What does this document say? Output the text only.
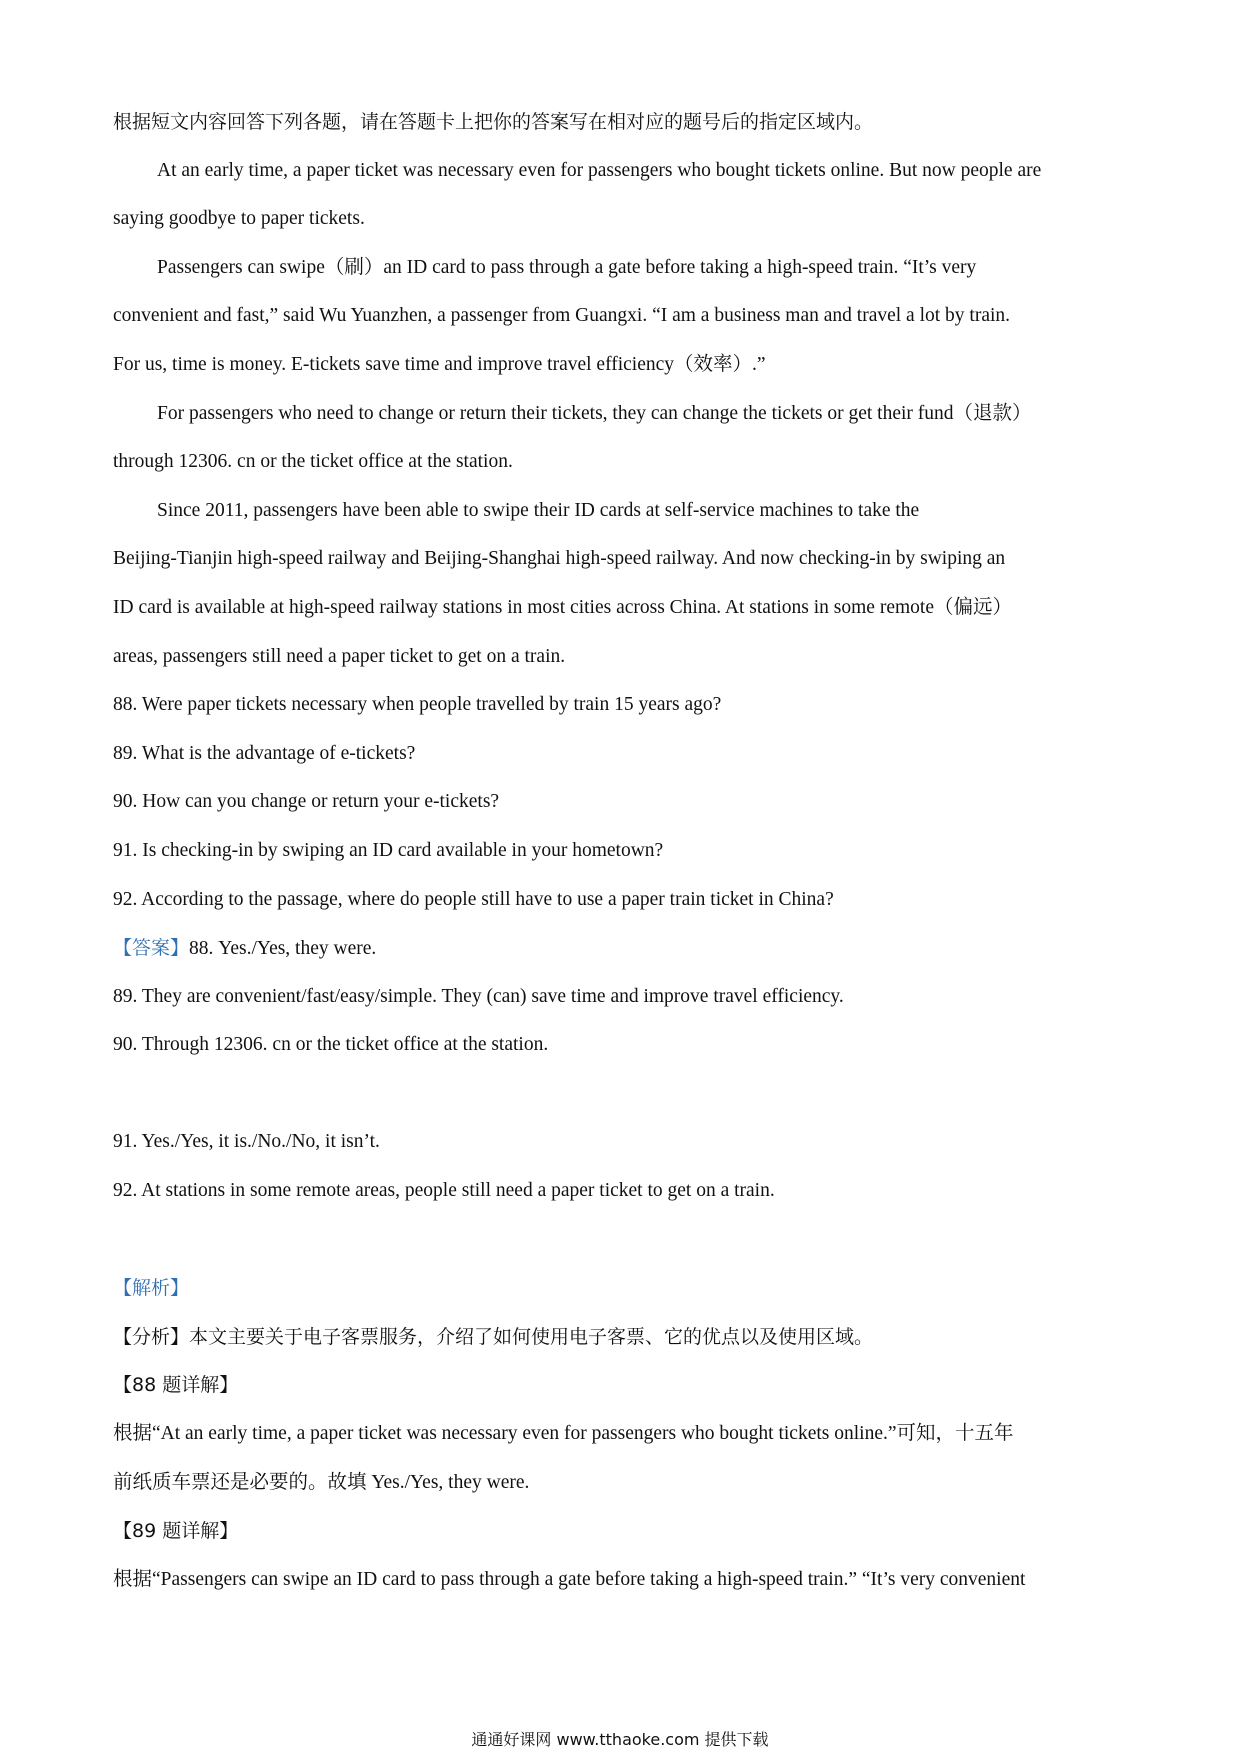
根据短文内容回答下列各题，请在答题卡上把你的答案写在相对应的题号后的指定区域内。
At an early time, a paper ticket was necessary even for passengers who bought tickets online. But now people are
saying goodbye to paper tickets.
Passengers can swipe（刷）an ID card to pass through a gate before taking a high-speed train. “It’s very
convenient and fast,” said Wu Yuanzhen, a passenger from Guangxi. “I am a business man and travel a lot by train.
For us, time is money. E-tickets save time and improve travel efficiency（效率）.”
For passengers who need to change or return their tickets, they can change the tickets or get their fund（退款）
through 12306. cn or the ticket office at the station.
Since 2011, passengers have been able to swipe their ID cards at self-service machines to take the
Beijing-Tianjin high-speed railway and Beijing-Shanghai high-speed railway. And now checking-in by swiping an
ID card is available at high-speed railway stations in most cities across China. At stations in some remote（偏远）
areas, passengers still need a paper ticket to get on a train.
88. Were paper tickets necessary when people travelled by train 15 years ago?
89. What is the advantage of e-tickets?
90. How can you change or return your e-tickets?
91. Is checking-in by swiping an ID card available in your hometown?
92. According to the passage, where do people still have to use a paper train ticket in China?
【答案】88. Yes./Yes, they were.
89. They are convenient/fast/easy/simple. They (can) save time and improve travel efficiency.
90. Through 12306. cn or the ticket office at the station.
91. Yes./Yes, it is./No./No, it isn’t.
92. At stations in some remote areas, people still need a paper ticket to get on a train.
【解析】
【分析】本文主要关于电子客票服务，介绍了如何使用电子客票、它的优点以及使用区域。
【88 题详解】
根据“At an early time, a paper ticket was necessary even for passengers who bought tickets online.”可知，十五年
前纸质车票还是必要的。故填 Yes./Yes, they were.
【89 题详解】
根据“Passengers can swipe an ID card to pass through a gate before taking a high-speed train.” “It’s very convenient
通通好课网 www.tthaoke.com 提供下载
